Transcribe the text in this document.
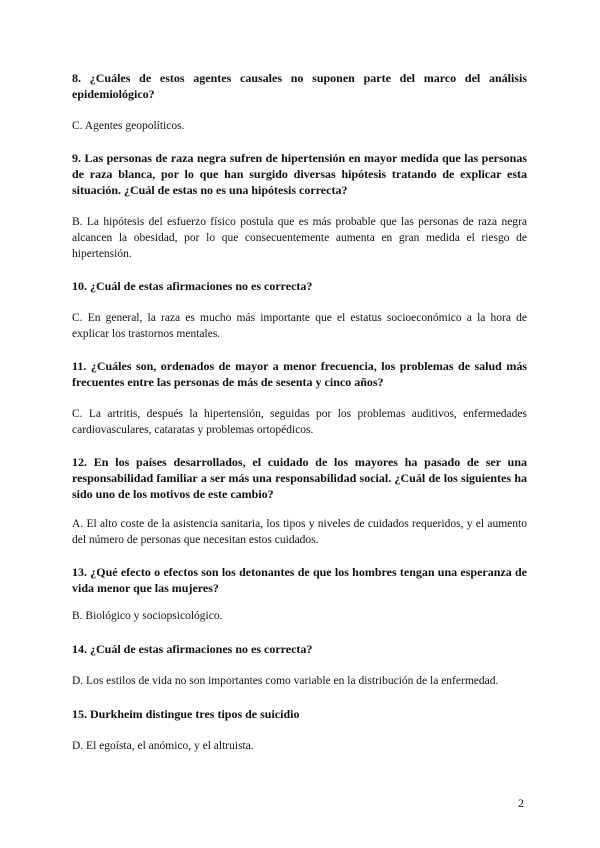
8. ¿Cuáles de estos agentes causales no suponen parte del marco del análisis epidemiológico?

C. Agentes geopolíticos.

9. Las personas de raza negra sufren de hipertensión en mayor medida que las personas de raza blanca, por lo que han surgido diversas hipótesis tratando de explicar esta situación. ¿Cuál de estas no es una hipótesis correcta?

B. La hipótesis del esfuerzo físico postula que es más probable que las personas de raza negra alcancen la obesidad, por lo que consecuentemente aumenta en gran medida el riesgo de hipertensión.

10. ¿Cuál de estas afirmaciones no es correcta?

C. En general, la raza es mucho más importante que el estatus socioeconómico a la hora de explicar los trastornos mentales.

11. ¿Cuáles son, ordenados de mayor a menor frecuencia, los problemas de salud más frecuentes entre las personas de más de sesenta y cinco años?

C. La artritis, después la hipertensión, seguidas por los problemas auditivos, enfermedades cardiovasculares, cataratas y problemas ortopédicos.

12. En los países desarrollados, el cuidado de los mayores ha pasado de ser una responsabilidad familiar a ser más una responsabilidad social. ¿Cuál de los siguientes ha sido uno de los motivos de este cambio?

A. El alto coste de la asistencia sanitaria, los tipos y niveles de cuidados requeridos, y el aumento del número de personas que necesitan estos cuidados.

13. ¿Qué efecto o efectos son los detonantes de que los hombres tengan una esperanza de vida menor que las mujeres?

B. Biológico y sociopsicológico.

14. ¿Cuál de estas afirmaciones no es correcta?

D. Los estilos de vida no son importantes como variable en la distribución de la enfermedad.

15. Durkheim distingue tres tipos de suicidio

D. El egoísta, el anómico, y el altruista.

2
